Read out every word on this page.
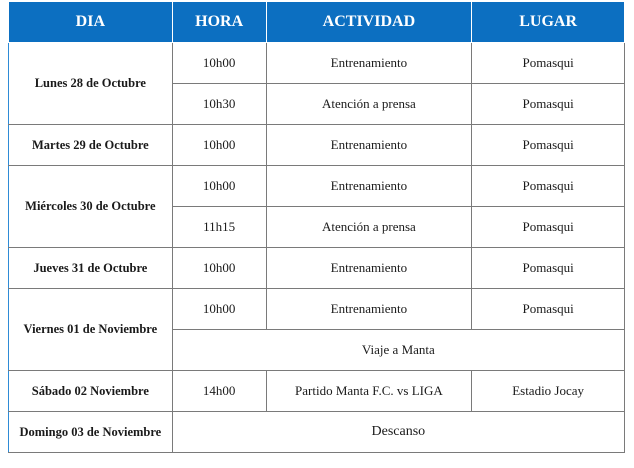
DIA	HORA	ACTIVIDAD	LUGAR
Lunes 28 de Octubre	10h00	Entrenamiento	Pomasqui
	10h30	Atención a prensa	Pomasqui
Martes 29 de Octubre	10h00	Entrenamiento	Pomasqui
Miércoles 30 de Octubre	10h00	Entrenamiento	Pomasqui
	11h15	Atención a prensa	Pomasqui
Jueves 31 de Octubre	10h00	Entrenamiento	Pomasqui
Viernes 01 de Noviembre	10h00	Entrenamiento	Pomasqui
	Viaje a Manta		
Sábado 02 Noviembre	14h00	Partido Manta F.C. vs LIGA	Estadio Jocay
Domingo 03 de Noviembre	Descanso		
